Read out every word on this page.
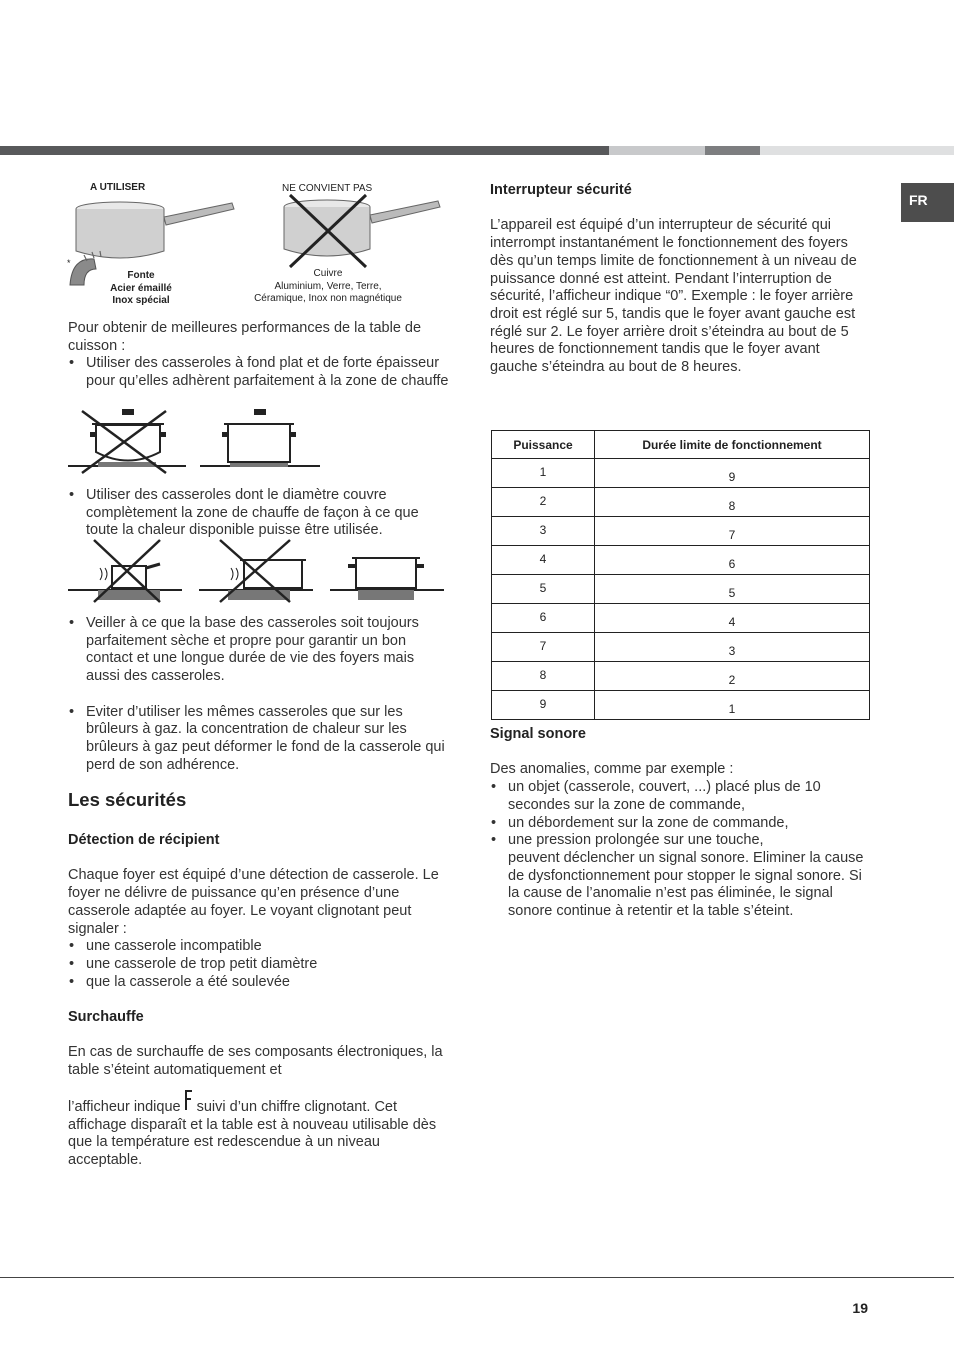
FR
A UTILISER	NE CONVIENT PAS
*
Fonte
Acier émaillé
Inox spécial
Cuivre
Aluminium, Verre, Terre,
Céramique, Inox non magnétique

Pour obtenir de meilleures performances de la table de cuisson :

• Utiliser des casseroles à fond plat et de forte épaisseur pour qu’elles adhèrent parfaitement à la zone de chauffe

• Utiliser des casseroles dont le diamètre couvre complètement la zone de chauffe de façon à ce que toute la chaleur disponible puisse être utilisée.

• Veiller à ce que la base des casseroles soit toujours parfaitement sèche et propre pour garantir un bon contact et une longue durée de vie des foyers mais aussi des casseroles.

• Eviter d’utiliser les mêmes casseroles que sur les brûleurs à gaz. la concentration de chaleur sur les brûleurs à gaz peut déformer le fond de la casserole qui perd de son adhérence.

Les sécurités
Détection de récipient

Chaque foyer est équipé d’une détection de casserole. Le foyer ne délivre de puissance qu’en présence d’une casserole adaptée au foyer. Le voyant clignotant peut signaler :

• une casserole incompatible

• une casserole de trop petit diamètre

• que la casserole a été soulevée

Surchauffe

En cas de surchauffe de ses composants électroniques, la table s’éteint automatiquement et

l’afficheur indique suivi d’un chiffre clignotant. Cet affichage disparaît et la table est à nouveau utilisable dès que la température est redescendue à un niveau acceptable.

Interrupteur sécurité

L’appareil est équipé d’un interrupteur de sécurité qui interrompt instantanément le fonctionnement des foyers dès qu’un temps limite de fonctionnement à un niveau de puissance donné est atteint. Pendant l’interruption de sécurité, l’afficheur indique “0”. Exemple : le foyer arrière droit est réglé sur 5, tandis que le foyer avant gauche est réglé sur 2. Le foyer arrière droit s’éteindra au bout de 5 heures de fonctionnement tandis que le foyer avant gauche s’éteindra au bout de 8 heures.

Puissance	Durée limite de fonctionnement
1	9
2	8
3	7
4	6
5	5
6	4
7	3
8	2
9	1
Signal sonore

Des anomalies, comme par exemple :

• un objet (casserole, couvert, ...) placé plus de 10 secondes sur la zone de commande,

• un débordement sur la zone de commande,

• une pression prolongée sur une touche,

peuvent déclencher un signal sonore. Eliminer la cause de dysfonctionnement pour stopper le signal sonore. Si la cause de l’anomalie n’est pas éliminée, le signal sonore continue à retentir et la table s’éteint.

19
